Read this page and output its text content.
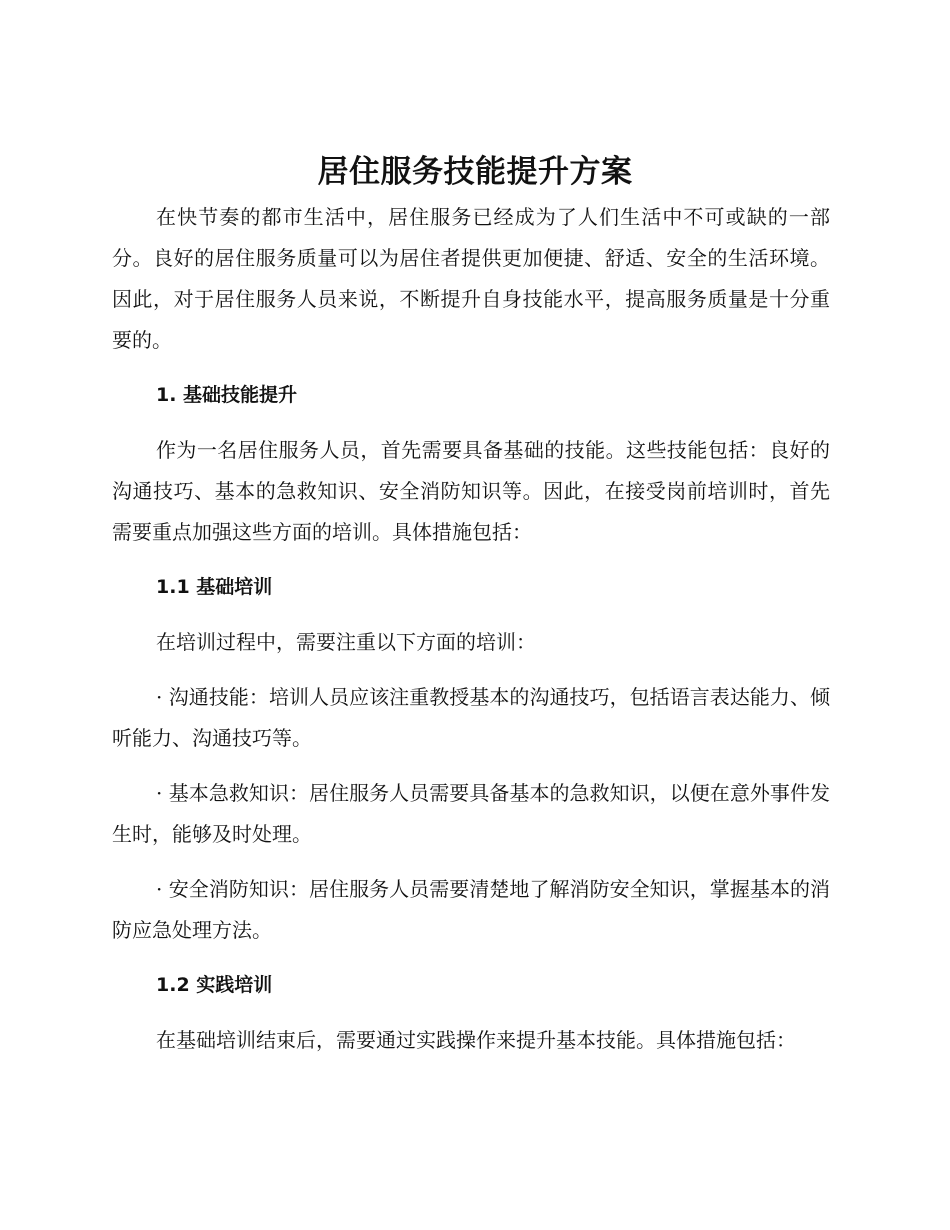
居住服务技能提升方案

在快节奏的都市生活中，居住服务已经成为了人们生活中不可或缺的一部分。良好的居住服务质量可以为居住者提供更加便捷、舒适、安全的生活环境。因此，对于居住服务人员来说，不断提升自身技能水平，提高服务质量是十分重要的。

1. 基础技能提升

作为一名居住服务人员，首先需要具备基础的技能。这些技能包括：良好的沟通技巧、基本的急救知识、安全消防知识等。因此，在接受岗前培训时，首先需要重点加强这些方面的培训。具体措施包括：

1.1 基础培训

在培训过程中，需要注重以下方面的培训：

· 沟通技能：培训人员应该注重教授基本的沟通技巧，包括语言表达能力、倾听能力、沟通技巧等。

· 基本急救知识：居住服务人员需要具备基本的急救知识，以便在意外事件发生时，能够及时处理。

· 安全消防知识：居住服务人员需要清楚地了解消防安全知识，掌握基本的消防应急处理方法。

1.2 实践培训

在基础培训结束后，需要通过实践操作来提升基本技能。具体措施包括：
